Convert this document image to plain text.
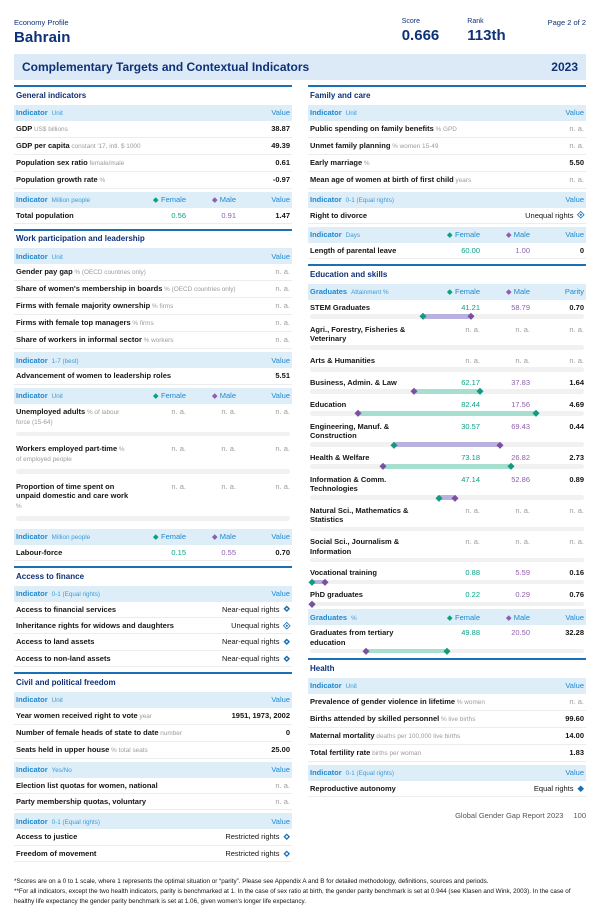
Economy Profile
Bahrain
Score
0.666
Rank
113th
Page 2 of 2
Complementary Targets and Contextual Indicators	2023
General indicators
Indicator Unit	Value
GDP US$ billions	38.87
GDP per capita constant '17, intl. $ 1000	49.39
Population sex ratio female/male	0.61
Population growth rate %	-0.97
Indicator Million people	Female	Male	Value
Total population	0.56	0.91	1.47
Work participation and leadership
Indicator Unit	Value
Gender pay gap % (OECD countries only)	n. a.
Share of women's membership in boards % (OECD countries only)	n. a.
Firms with female majority ownership % firms	n. a.
Firms with female top managers % firms	n. a.
Share of workers in informal sector % workers	n. a.
Indicator 1-7 (best)	Value
Advancement of women to leadership roles	5.51
Indicator Unit	Female	Male	Value
Unemployed adults % of labour force (15-64)
n. a.	n. a.	n. a.
Workers employed part-time % of employed people
n. a.	n. a.	n. a.
Proportion of time spent on unpaid domestic and care work %
n. a.	n. a.	n. a.
Indicator Million people	Female	Male	Value
Labour-force	0.15	0.55	0.70
Access to finance
Indicator 0-1 (Equal rights)	Value
Access to financial services	Near-equal rights
Inheritance rights for widows and daughters	Unequal rights
Access to land assets	Near-equal rights
Access to non-land assets	Near-equal rights
Civil and political freedom
Indicator Unit	Value
Year women received right to vote year	1951, 1973, 2002
Number of female heads of state to date number	0
Seats held in upper house % total seats	25.00
Indicator Yes/No	Value
Election list quotas for women, national	n. a.
Party membership quotas, voluntary	n. a.
Indicator 0-1 (Equal rights)	Value
Access to justice	Restricted rights
Freedom of movement	Restricted rights
Family and care
Indicator Unit	Value
Public spending on family benefits % GPD	n. a.
Unmet family planning % women 15-49	n. a.
Early marriage %	5.50
Mean age of women at birth of first child years	n. a.
Indicator 0-1 (Equal rights)	Value
Right to divorce	Unequal rights
Indicator Days	Female	Male	Value
Length of parental leave	60.00	1.00	0
Education and skills
Graduates Attainment %	Female	Male	Parity
STEM Graduates	41.21	58.79	0.70
Agri., Forestry, Fisheries & Veterinary
n. a.	n. a.	n. a.
Arts & Humanities	n. a.	n. a.	n. a.
Business, Admin. & Law	62.17	37.83	1.64
Education	82.44	17.56	4.69
Engineering, Manuf. & Construction
30.57	69.43	0.44
Health & Welfare	73.18	26.82	2.73
Information & Comm. Technologies
47.14	52.86	0.89
Natural Sci., Mathematics & Statistics
n. a.	n. a.	n. a.
Social Sci., Journalism & Information
n. a.	n. a.	n. a.
Vocational training	0.88	5.59	0.16
PhD graduates	0.22	0.29	0.76
Graduates %	Female	Male	Value
Graduates from tertiary education
49.88	20.50	32.28
Health
Indicator Unit	Value
Prevalence of gender violence in lifetime % women	n. a.
Births attended by skilled personnel % live births	99.60
Maternal mortality deaths per 100,000 live births	14.00
Total fertility rate births per woman	1.83
Indicator 0-1 (Equal rights)	Value
Reproductive autonomy	Equal rights
*Scores are on a 0 to 1 scale, where 1 represents the optimal situation or “parity”. Please see Appendix A and B for detailed methodology, definitions, sources and periods.
**For all indicators, except the two health indicators, parity is benchmarked at 1. In the case of sex ratio at birth, the gender parity benchmark is set at 0.944 (see Klasen and Wink, 2003). In the case of healthy life expectancy the gender parity benchmark is set at 1.06, given women's longer life expectancy.
Global Gender Gap Report 2023 100
